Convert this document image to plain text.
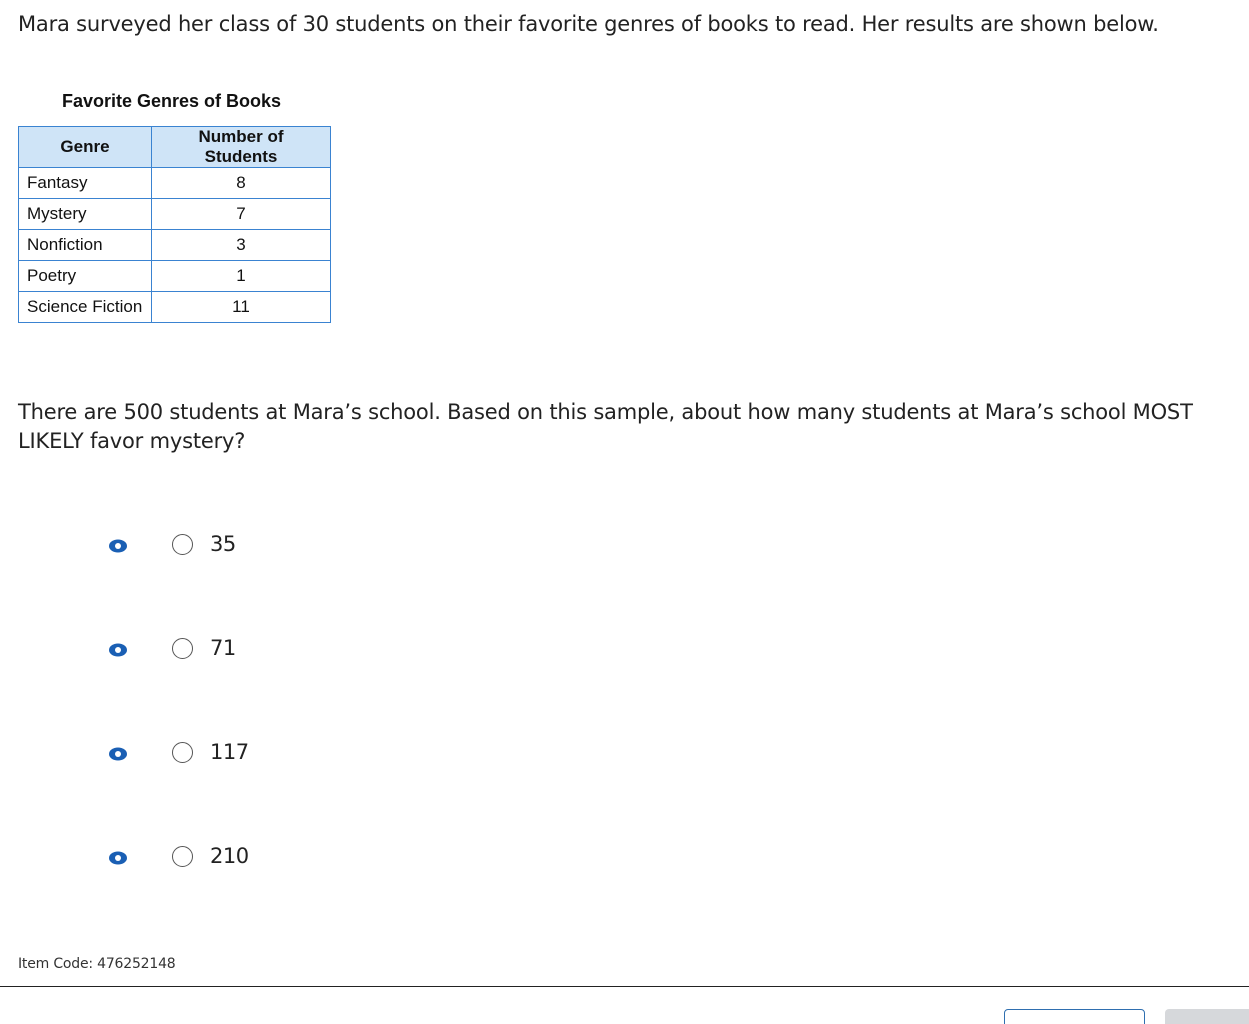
Mara surveyed her class of 30 students on their favorite genres of books to read. Her results are shown below.

Favorite Genres of Books
Genre	Number of Students
Fantasy	8
Mystery	7
Nonfiction	3
Poetry	1
Science Fiction	11

There are 500 students at Mara’s school. Based on this sample, about how many students at Mara’s school MOST LIKELY favor mystery?

35
71
117
210
Item Code: 476252148
